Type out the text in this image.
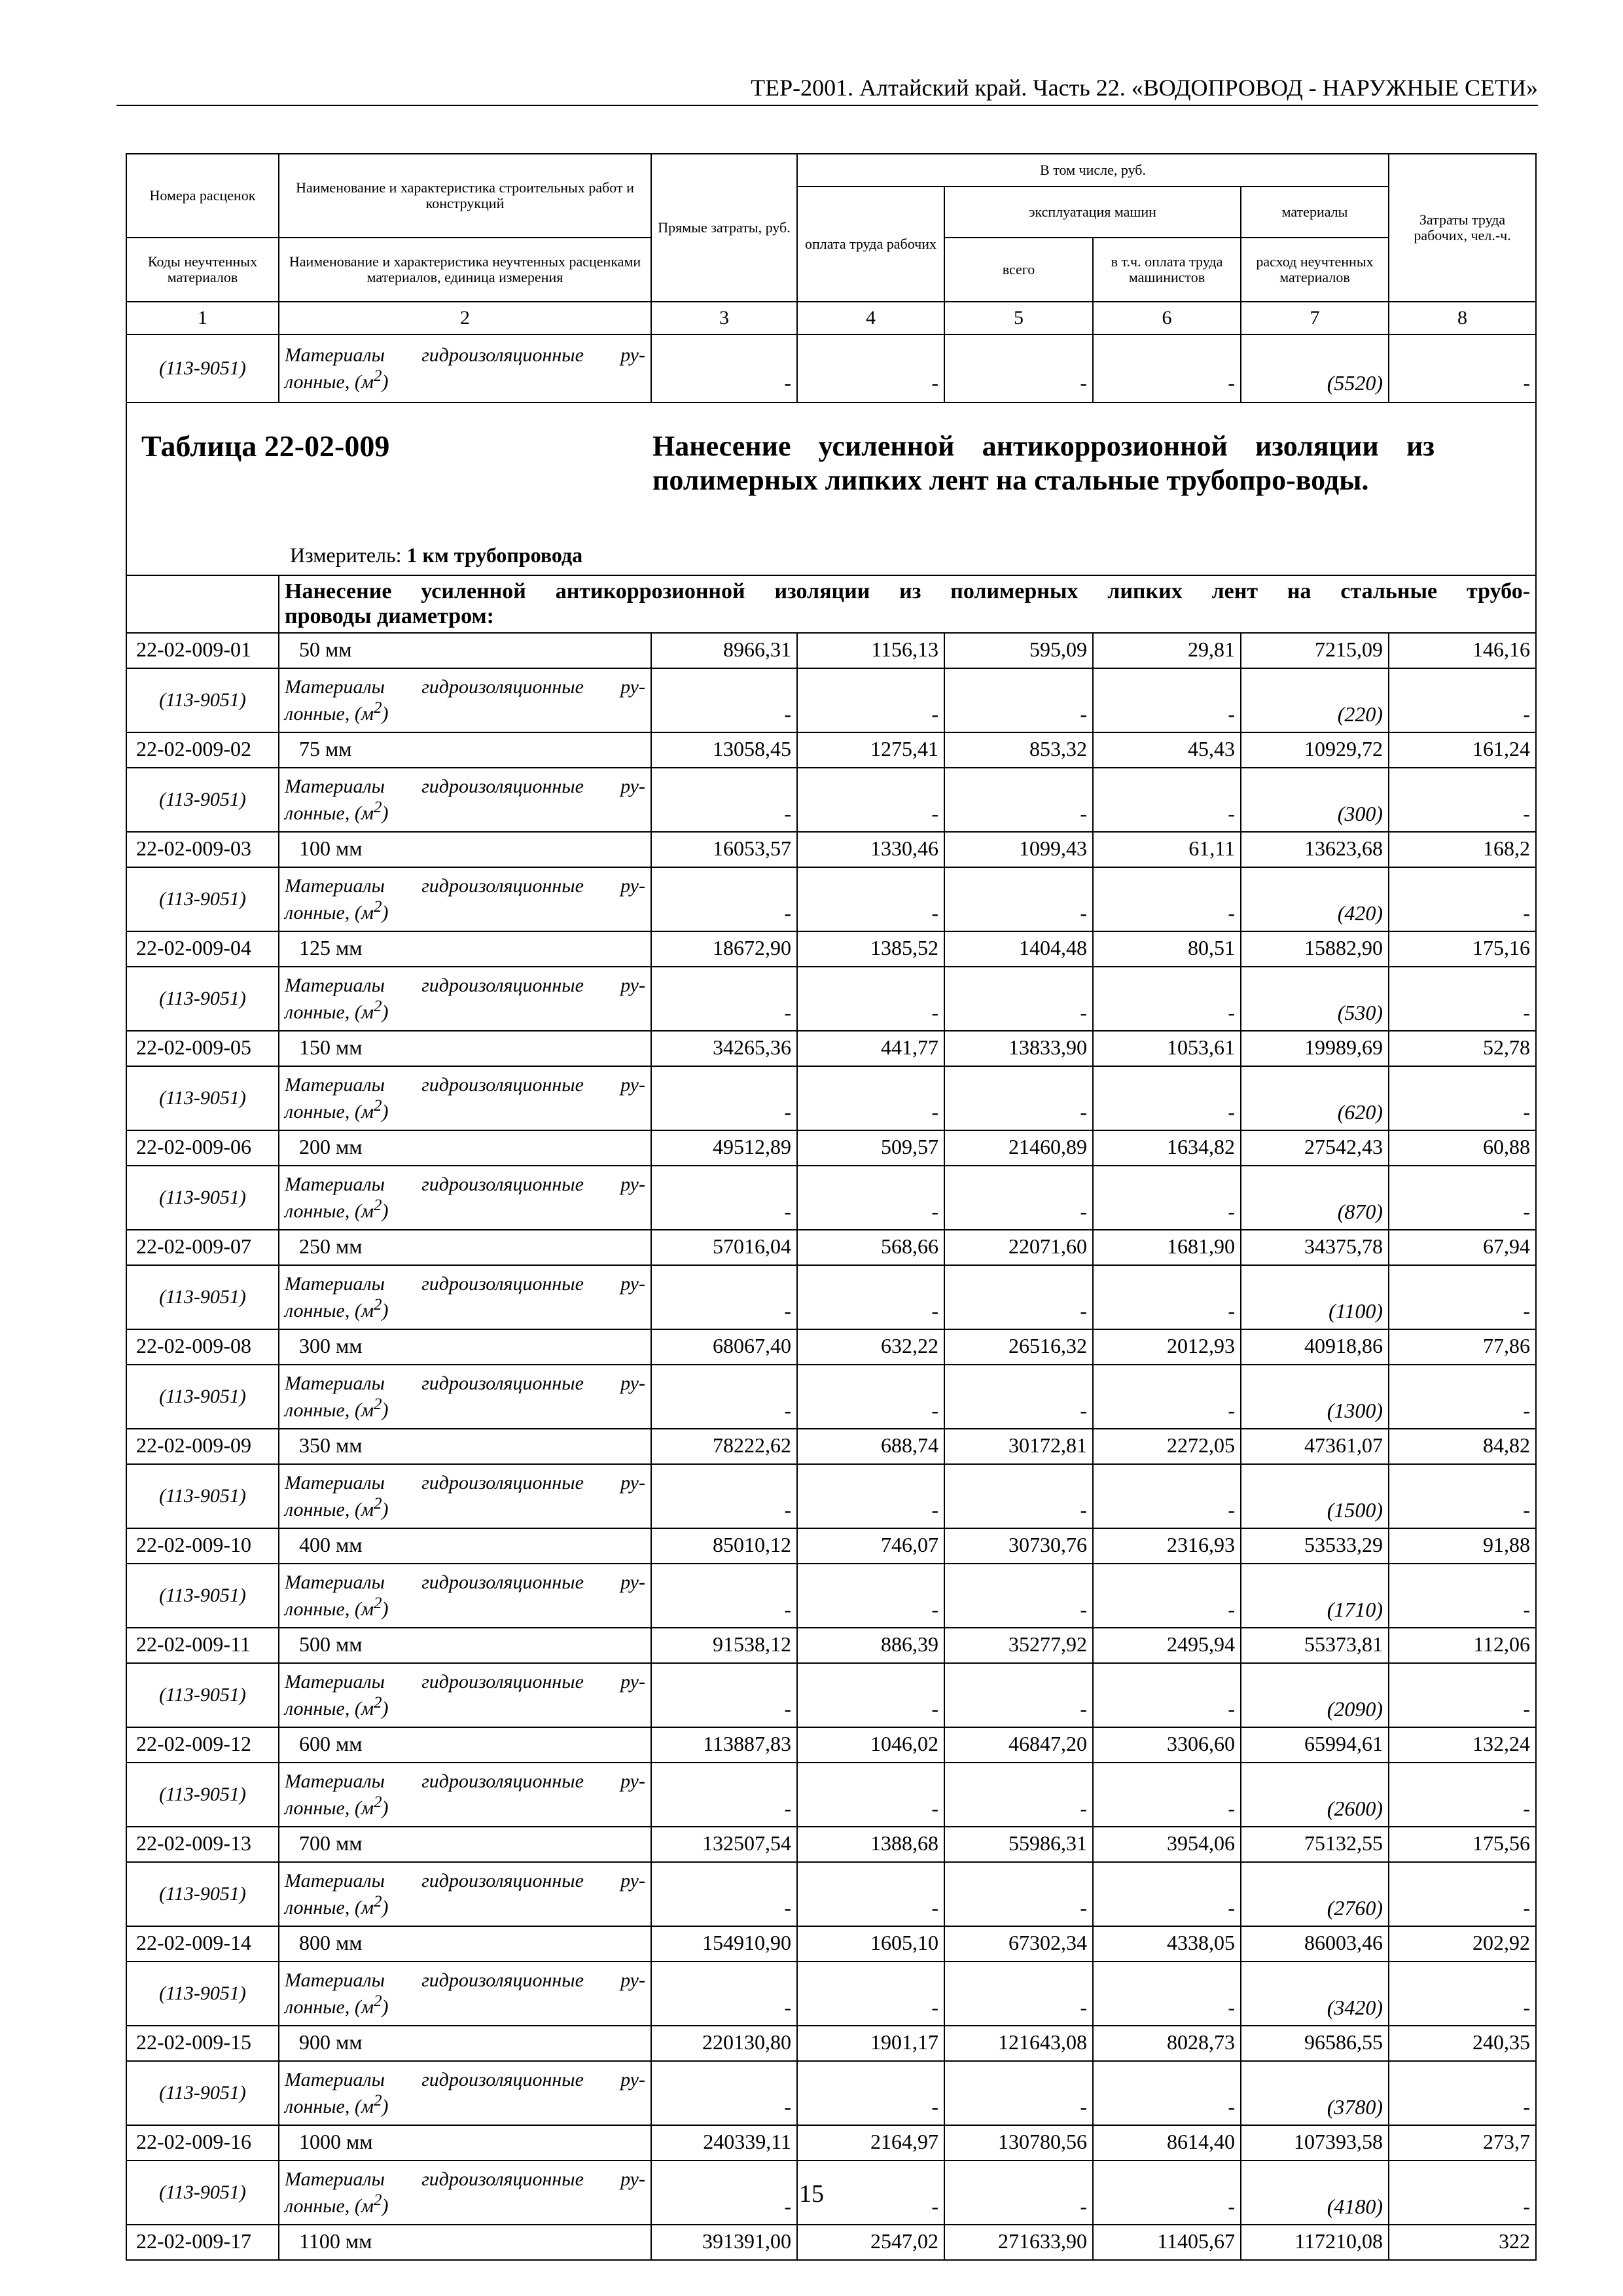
ТЕР-2001. Алтайский край. Часть 22. «ВОДОПРОВОД - НАРУЖНЫЕ СЕТИ»
Номера расценок	Наименование и характеристика строительных работ и конструкций	Прямые затраты, руб.	В том числе, руб.				Затраты труда рабочих, чел.-ч.
			оплата труда рабочих	эксплуатация машин		материалы	
Коды неучтенных материалов	Наименование и характеристика неучтенных расценками материалов, единица измерения			всего	в т.ч. оплата труда машинистов	расход неучтенных материалов	
1	2	3	4	5	6	7	8
(113-9051)	Материалы гидроизоляционные ру-
лонные, $(м^2)$	-	-	-	-	(5520)	-

Таблица 22-02-009 Нанесение усиленной антикоррозионной изоляции из полимерных липких лент на стальные трубопро-воды.
Измеритель: 1 км трубопровода							

	Нанесение усиленной антикоррозионной изоляции из полимерных липких лент на стальные трубо-
проводы диаметром:						

22-02-009-01	50 мм	8966,31	1156,13	595,09	29,81	7215,09	146,16
(113-9051)	Материалы гидроизоляционные ру-
лонные, $(м^2)$	-	-	-	-	(220)	-
22-02-009-02	75 мм	13058,45	1275,41	853,32	45,43	10929,72	161,24
(113-9051)	Материалы гидроизоляционные ру-
лонные, $(м^2)$	-	-	-	-	(300)	-
22-02-009-03	100 мм	16053,57	1330,46	1099,43	61,11	13623,68	168,2
(113-9051)	Материалы гидроизоляционные ру-
лонные, $(м^2)$	-	-	-	-	(420)	-
22-02-009-04	125 мм	18672,90	1385,52	1404,48	80,51	15882,90	175,16
(113-9051)	Материалы гидроизоляционные ру-
лонные, $(м^2)$	-	-	-	-	(530)	-
22-02-009-05	150 мм	34265,36	441,77	13833,90	1053,61	19989,69	52,78
(113-9051)	Материалы гидроизоляционные ру-
лонные, $(м^2)$	-	-	-	-	(620)	-
22-02-009-06	200 мм	49512,89	509,57	21460,89	1634,82	27542,43	60,88
(113-9051)	Материалы гидроизоляционные ру-
лонные, $(м^2)$	-	-	-	-	(870)	-
22-02-009-07	250 мм	57016,04	568,66	22071,60	1681,90	34375,78	67,94
(113-9051)	Материалы гидроизоляционные ру-
лонные, $(м^2)$	-	-	-	-	(1100)	-
22-02-009-08	300 мм	68067,40	632,22	26516,32	2012,93	40918,86	77,86
(113-9051)	Материалы гидроизоляционные ру-
лонные, $(м^2)$	-	-	-	-	(1300)	-
22-02-009-09	350 мм	78222,62	688,74	30172,81	2272,05	47361,07	84,82
(113-9051)	Материалы гидроизоляционные ру-
лонные, $(м^2)$	-	-	-	-	(1500)	-
22-02-009-10	400 мм	85010,12	746,07	30730,76	2316,93	53533,29	91,88
(113-9051)	Материалы гидроизоляционные ру-
лонные, $(м^2)$	-	-	-	-	(1710)	-
22-02-009-11	500 мм	91538,12	886,39	35277,92	2495,94	55373,81	112,06
(113-9051)	Материалы гидроизоляционные ру-
лонные, $(м^2)$	-	-	-	-	(2090)	-
22-02-009-12	600 мм	113887,83	1046,02	46847,20	3306,60	65994,61	132,24
(113-9051)	Материалы гидроизоляционные ру-
лонные, $(м^2)$	-	-	-	-	(2600)	-
22-02-009-13	700 мм	132507,54	1388,68	55986,31	3954,06	75132,55	175,56
(113-9051)	Материалы гидроизоляционные ру-
лонные, $(м^2)$	-	-	-	-	(2760)	-
22-02-009-14	800 мм	154910,90	1605,10	67302,34	4338,05	86003,46	202,92
(113-9051)	Материалы гидроизоляционные ру-
лонные, $(м^2)$	-	-	-	-	(3420)	-
22-02-009-15	900 мм	220130,80	1901,17	121643,08	8028,73	96586,55	240,35
(113-9051)	Материалы гидроизоляционные ру-
лонные, $(м^2)$	-	-	-	-	(3780)	-
22-02-009-16	1000 мм	240339,11	2164,97	130780,56	8614,40	107393,58	273,7
(113-9051)	Материалы гидроизоляционные ру-
лонные, $(м^2)$	-	-	-	-	(4180)	-
22-02-009-17	1100 мм	391391,00	2547,02	271633,90	11405,67	117210,08	322
15
